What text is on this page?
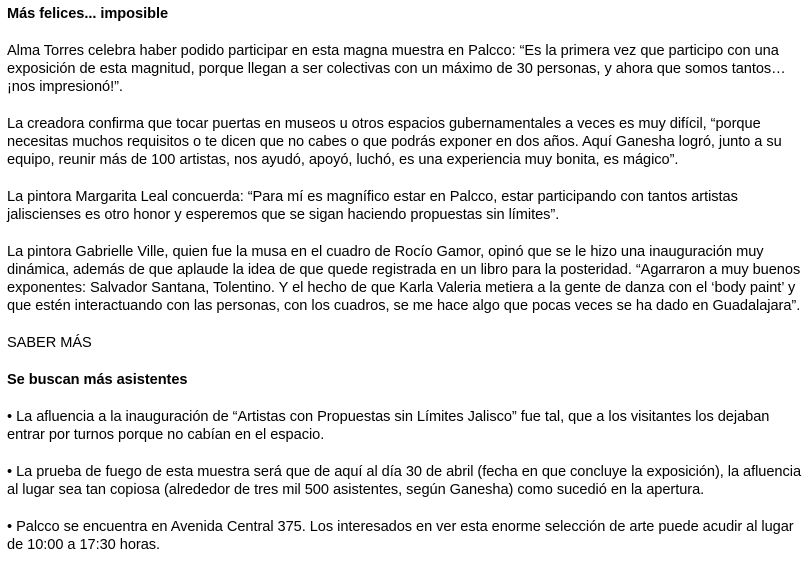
Más felices... imposible

Alma Torres celebra haber podido participar en esta magna muestra en Palcco: “Es la primera vez que participo con una exposición de esta magnitud, porque llegan a ser colectivas con un máximo de 30 personas, y ahora que somos tantos… ¡nos impresionó!”.

La creadora confirma que tocar puertas en museos u otros espacios gubernamentales a veces es muy difícil, “porque necesitas muchos requisitos o te dicen que no cabes o que podrás exponer en dos años. Aquí Ganesha logró, junto a su equipo, reunir más de 100 artistas, nos ayudó, apoyó, luchó, es una experiencia muy bonita, es mágico”.

La pintora Margarita Leal concuerda: “Para mí es magnífico estar en Palcco, estar participando con tantos artistas jaliscienses es otro honor y esperemos que se sigan haciendo propuestas sin límites”.

La pintora Gabrielle Ville, quien fue la musa en el cuadro de Rocío Gamor, opinó que se le hizo una inauguración muy dinámica, además de que aplaude la idea de que quede registrada en un libro para la posteridad. “Agarraron a muy buenos exponentes: Salvador Santana, Tolentino. Y el hecho de que Karla Valeria metiera a la gente de danza con el ‘body paint’ y que estén interactuando con las personas, con los cuadros, se me hace algo que pocas veces se ha dado en Guadalajara”.

SABER MÁS
Se buscan más asistentes

• La afluencia a la inauguración de “Artistas con Propuestas sin Límites Jalisco” fue tal, que a los visitantes los dejaban entrar por turnos porque no cabían en el espacio.

• La prueba de fuego de esta muestra será que de aquí al día 30 de abril (fecha en que concluye la exposición), la afluencia al lugar sea tan copiosa (alrededor de tres mil 500 asistentes, según Ganesha) como sucedió en la apertura.

• Palcco se encuentra en Avenida Central 375. Los interesados en ver esta enorme selección de arte puede acudir al lugar de 10:00 a 17:30 horas.
